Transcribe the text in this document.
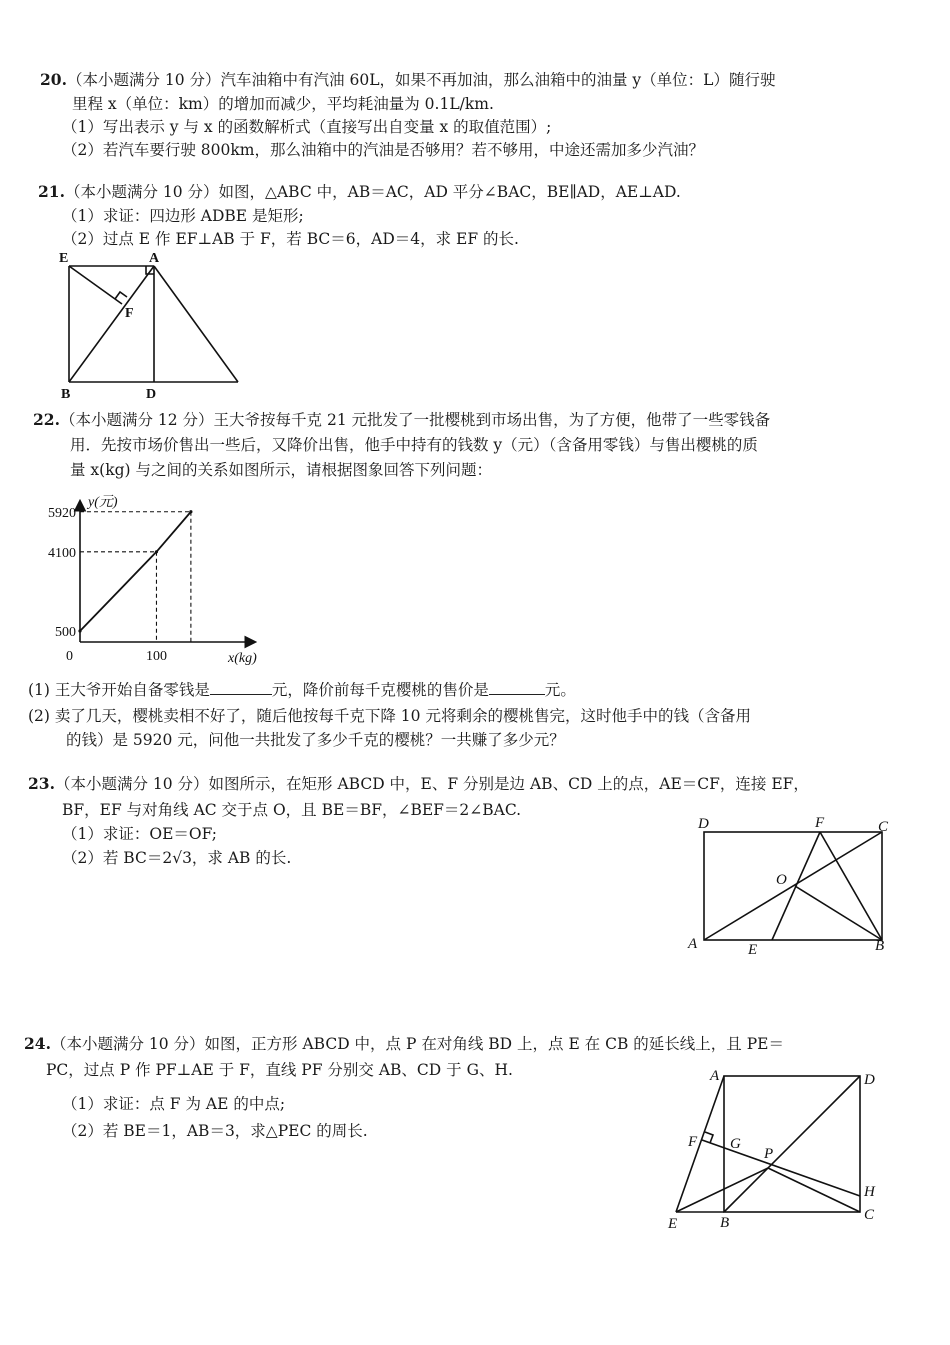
20.（本小题满分 10 分）汽车油箱中有汽油 60L，如果不再加油，那么油箱中的油量 y（单位：L）随行驶
里程 x（单位：km）的增加而减少，平均耗油量为 0.1L/km.
（1）写出表示 y 与 x 的函数解析式（直接写出自变量 x 的取值范围）;
（2）若汽车要行驶 800km，那么油箱中的汽油是否够用？若不够用，中途还需加多少汽油？
21.（本小题满分 10 分）如图，△ABC 中，AB＝AC，AD 平分∠BAC，BE∥AD，AE⊥AD.
（1）求证：四边形 ADBE 是矩形;
（2）过点 E 作 EF⊥AB 于 F，若 BC＝6，AD＝4，求 EF 的长.
E	A
F
B	D
22.（本小题满分 12 分）王大爷按每千克 21 元批发了一批樱桃到市场出售，为了方便，他带了一些零钱备
用．先按市场价售出一些后，又降价出售，他手中持有的钱数 y（元）（含备用零钱）与售出樱桃的质
量 x(kg) 与之间的关系如图所示，请根据图象回答下列问题：
5920
4100
500
100
0
y(元)
x(kg)
(1) 王大爷开始自备零钱是	元，降价前每千克樱桃的售价是	元。
(2) 卖了几天，樱桃卖相不好了，随后他按每千克下降 10 元将剩余的樱桃售完，这时他手中的钱（含备用
的钱）是 5920 元，问他一共批发了多少千克的樱桃？一共赚了多少元？
23.（本小题满分 10 分）如图所示，在矩形 ABCD 中，E、F 分别是边 AB、CD 上的点，AE＝CF，连接 EF，
BF，EF 与对角线 AC 交于点 O，且 BE＝BF，∠BEF＝2∠BAC.
（1）求证：OE＝OF;
（2）若 BC＝2√3，求 AB 的长.
D	F	C
O
A	E	B
24.（本小题满分 10 分）如图，正方形 ABCD 中，点 P 在对角线 BD 上，点 E 在 CB 的延长线上，且 PE＝
PC，过点 P 作 PF⊥AE 于 F，直线 PF 分别交 AB、CD 于 G、H.
（1）求证：点 F 为 AE 的中点;
（2）若 BE＝1，AB＝3，求△PEC 的周长.
A	D
F G
P
H
E	B	C
